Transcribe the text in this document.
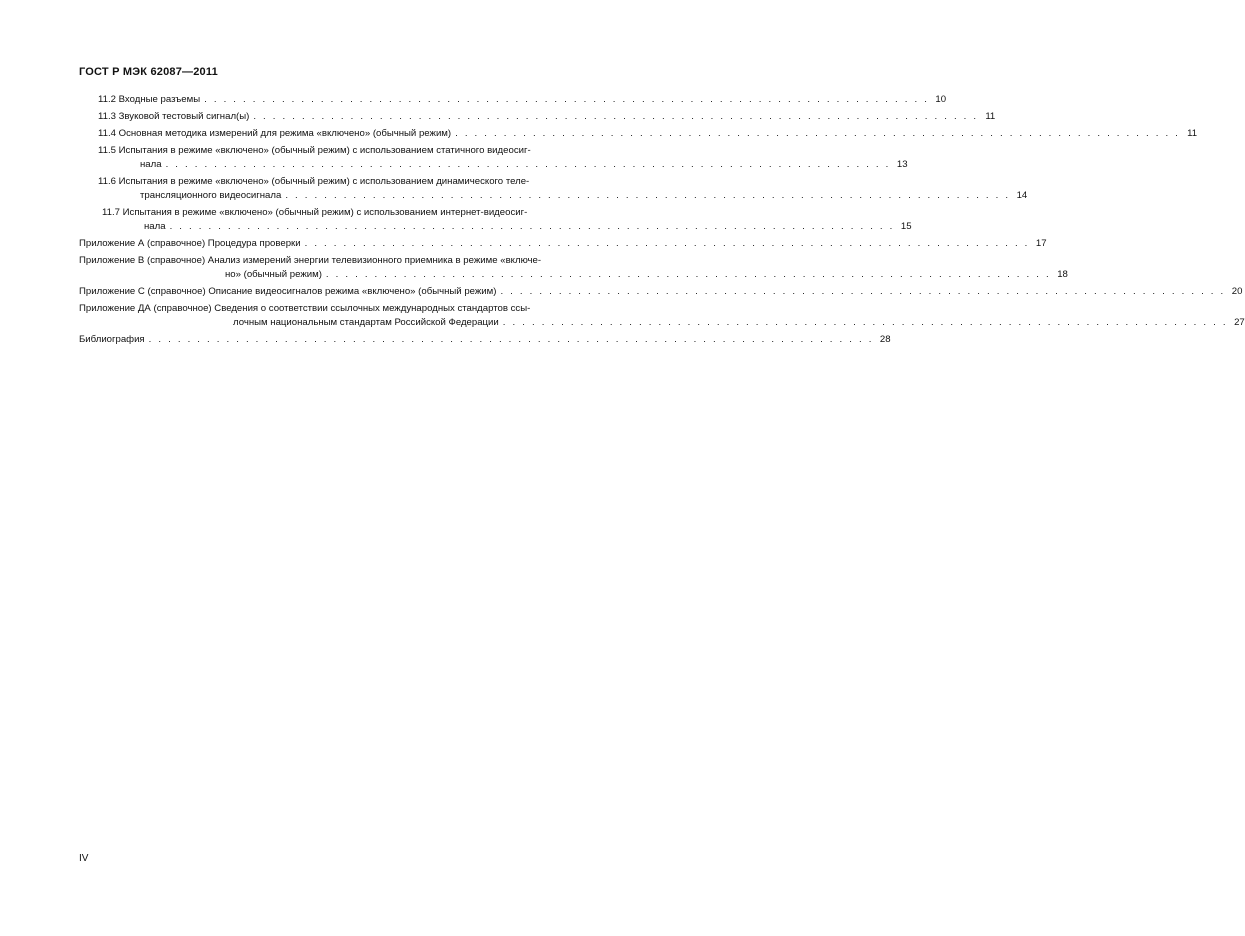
ГОСТ Р МЭК 62087—2011
11.2 Входные разъемы . . . . . . . . . . . . . . . . . . . . . . . . . . . . . . . . . . . . . . . . . . . . . . . . . . . . . . . . . . . . . . . . . . . . . . . . . . . 10
11.3 Звуковой тестовый сигнал(ы) . . . . . . . . . . . . . . . . . . . . . . . . . . . . . . . . . . . . . . . . . . . . . . . . . . . . . . . . . . . . . . . . . . . . . . . . . . . 11
11.4 Основная методика измерений для режима «включено» (обычный режим) . . . . . . . . . . . . . . . . . . . . . . . . . . . . . . . . . . . . . . . . . . . . . . . . . . . . . . . . . . . . . . . . . . . . . . . . . . . 11
11.5 Испытания в режиме «включено» (обычный режим) с использованием статичного видеосиг-
нала . . . . . . . . . . . . . . . . . . . . . . . . . . . . . . . . . . . . . . . . . . . . . . . . . . . . . . . . . . . . . . . . . . . . . . . . . . . 13
11.6 Испытания в режиме «включено» (обычный режим) с использованием динамического теле-
трансляционного видеосигнала . . . . . . . . . . . . . . . . . . . . . . . . . . . . . . . . . . . . . . . . . . . . . . . . . . . . . . . . . . . . . . . . . . . . . . . . . . . 14
11.7 Испытания в режиме «включено» (обычный режим) с использованием интернет-видеосиг-
нала . . . . . . . . . . . . . . . . . . . . . . . . . . . . . . . . . . . . . . . . . . . . . . . . . . . . . . . . . . . . . . . . . . . . . . . . . . . 15
Приложение А (справочное) Процедура проверки . . . . . . . . . . . . . . . . . . . . . . . . . . . . . . . . . . . . . . . . . . . . . . . . . . . . . . . . . . . . . . . . . . . . . . . . . . . 17
Приложение В (справочное) Анализ измерений энергии телевизионного приемника в режиме «включе-
но» (обычный режим) . . . . . . . . . . . . . . . . . . . . . . . . . . . . . . . . . . . . . . . . . . . . . . . . . . . . . . . . . . . . . . . . . . . . . . . . . . . 18
Приложение С (справочное) Описание видеосигналов режима «включено» (обычный режим) . . . . . . . . . . . . . . . . . . . . . . . . . . . . . . . . . . . . . . . . . . . . . . . . . . . . . . . . . . . . . . . . . . . . . . . . . . . 20
Приложение ДА (справочное) Сведения о соответствии ссылочных международных стандартов ссы-
лочным национальным стандартам Российской Федерации . . . . . . . . . . . . . . . . . . . . . . . . . . . . . . . . . . . . . . . . . . . . . . . . . . . . . . . . . . . . . . . . . . . . . . . . . . . 27
Библиография . . . . . . . . . . . . . . . . . . . . . . . . . . . . . . . . . . . . . . . . . . . . . . . . . . . . . . . . . . . . . . . . . . . . . . . . . . . 28
IV
